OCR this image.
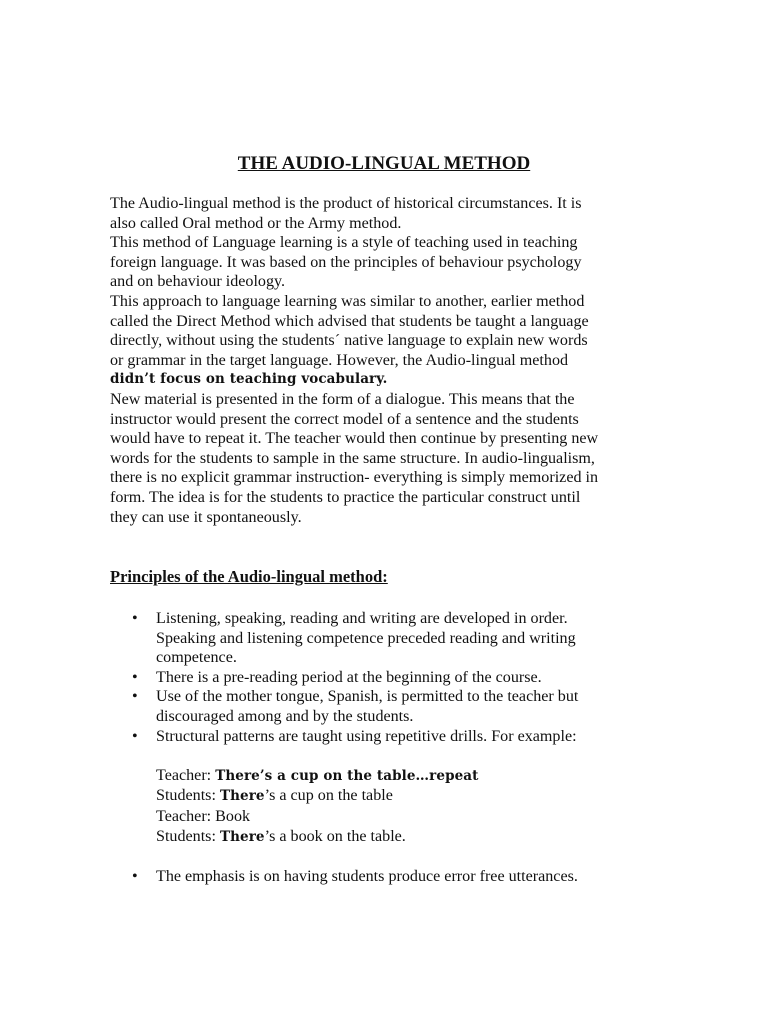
THE AUDIO-LINGUAL METHOD
The Audio-lingual method is the product of historical circumstances. It is
also called Oral method or the Army method.
This method of Language learning is a style of teaching used in teaching
foreign language. It was based on the principles of behaviour psychology
and on behaviour ideology.
This approach to language learning was similar to another, earlier method
called the Direct Method which advised that students be taught a language
directly, without using the students´ native language to explain new words
or grammar in the target language. However, the Audio-lingual method
didn’t focus on teaching vocabulary.
New material is presented in the form of a dialogue. This means that the
instructor would present the correct model of a sentence and the students
would have to repeat it. The teacher would then continue by presenting new
words for the students to sample in the same structure. In audio-lingualism,
there is no explicit grammar instruction- everything is simply memorized in
form. The idea is for the students to practice the particular construct until
they can use it spontaneously.
Principles of the Audio-lingual method:
• Listening, speaking, reading and writing are developed in order.
Speaking and listening competence preceded reading and writing
competence.
• There is a pre-reading period at the beginning of the course.
• Use of the mother tongue, Spanish, is permitted to the teacher but
discouraged among and by the students.
• Structural patterns are taught using repetitive drills. For example:
Teacher: There’s a cup on the table…repeat
Students: There’s a cup on the table
Teacher: Book
Students: There’s a book on the table.
• The emphasis is on having students produce error free utterances.
